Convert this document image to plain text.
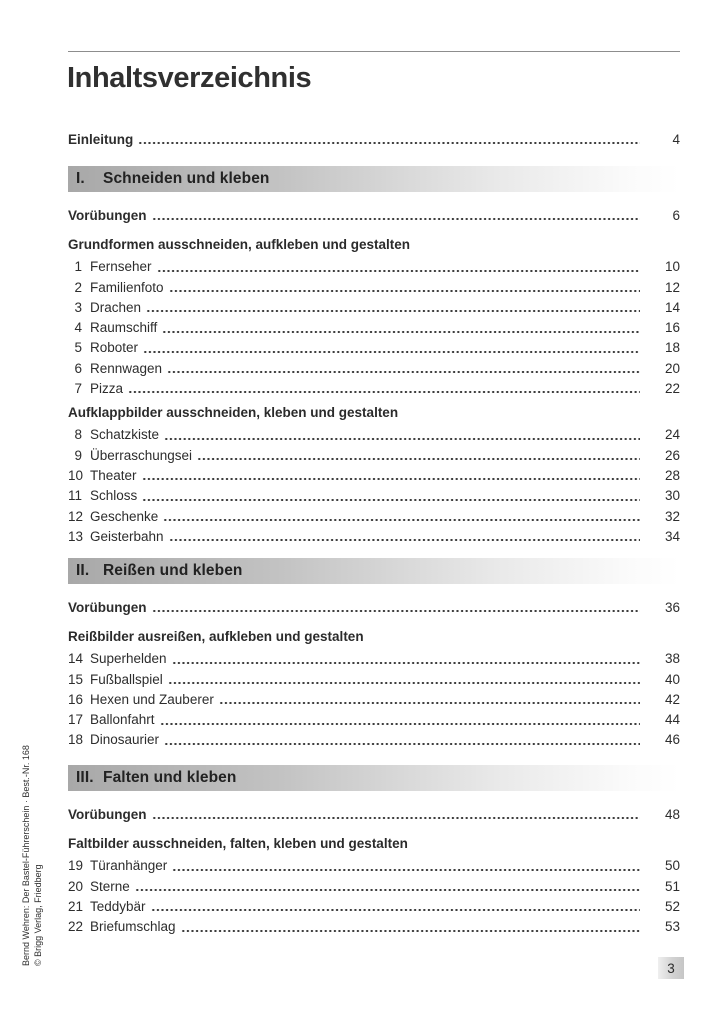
Inhaltsverzeichnis
Einleitung	4
I.	Schneiden und kleben
Vorübungen	6
Grundformen ausschneiden, aufkleben und gestalten
1 Fernseher	10
2 Familienfoto	12
3 Drachen	14
4 Raumschiff	16
5 Roboter	18
6 Rennwagen	20
7 Pizza	22
Aufklappbilder ausschneiden, kleben und gestalten
8 Schatzkiste	24
9 Überraschungsei	26
10 Theater	28
11 Schloss	30
12 Geschenke	32
13 Geisterbahn	34
II. Reißen und kleben
Vorübungen	36
Reißbilder ausreißen, aufkleben und gestalten
14 Superhelden	38
15 Fußballspiel	40
16 Hexen und Zauberer	42
17 Ballonfahrt	44
18 Dinosaurier	46
III. Falten und kleben
Vorübungen	48
Faltbilder ausschneiden, falten, kleben und gestalten
19 Türanhänger	50
20 Sterne	51
21 Teddybär	52
22 Briefumschlag	53
Bernd Wehren: Der Bastel-Führerschein · Best.-Nr. 168 © Brigg Verlag, Friedberg
3
